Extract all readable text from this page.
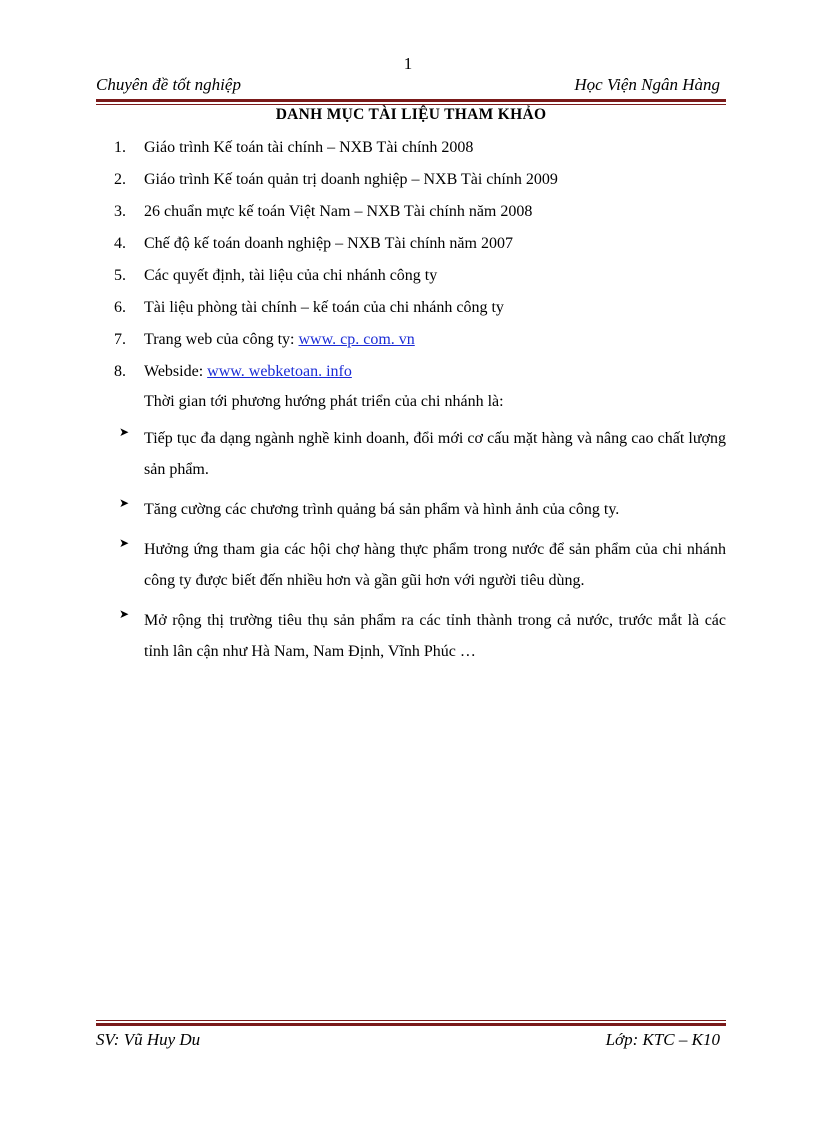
1
Chuyên đề tốt nghiệp	Học Viện Ngân Hàng
DANH MỤC TÀI LIỆU THAM KHẢO
1. Giáo trình Kế toán tài chính – NXB Tài chính 2008
2. Giáo trình Kế toán quản trị doanh nghiệp – NXB Tài chính 2009
3. 26 chuẩn mực kế toán Việt Nam – NXB Tài chính năm 2008
4. Chế độ kế toán doanh nghiệp – NXB Tài chính năm 2007
5. Các quyết định, tài liệu của chi nhánh công ty
6. Tài liệu phòng tài chính – kế toán của chi nhánh công ty
7. Trang web của công ty: www. cp. com. vn
8. Webside: www. webketoan. info
Thời gian tới phương hướng phát triển của chi nhánh là:
➤ Tiếp tục đa dạng ngành nghề kinh doanh, đổi mới cơ cấu mặt hàng và nâng cao chất lượng sản phẩm.
➤ Tăng cường các chương trình quảng bá sản phẩm và hình ảnh của công ty.
➤ Hưởng ứng tham gia các hội chợ hàng thực phẩm trong nước để sản phẩm của chi nhánh công ty được biết đến nhiều hơn và gần gũi hơn với người tiêu dùng.
➤ Mở rộng thị trường tiêu thụ sản phẩm ra các tỉnh thành trong cả nước, trước mắt là các tỉnh lân cận như Hà Nam, Nam Định, Vĩnh Phúc …
SV: Vũ Huy Du	Lớp: KTC – K10
